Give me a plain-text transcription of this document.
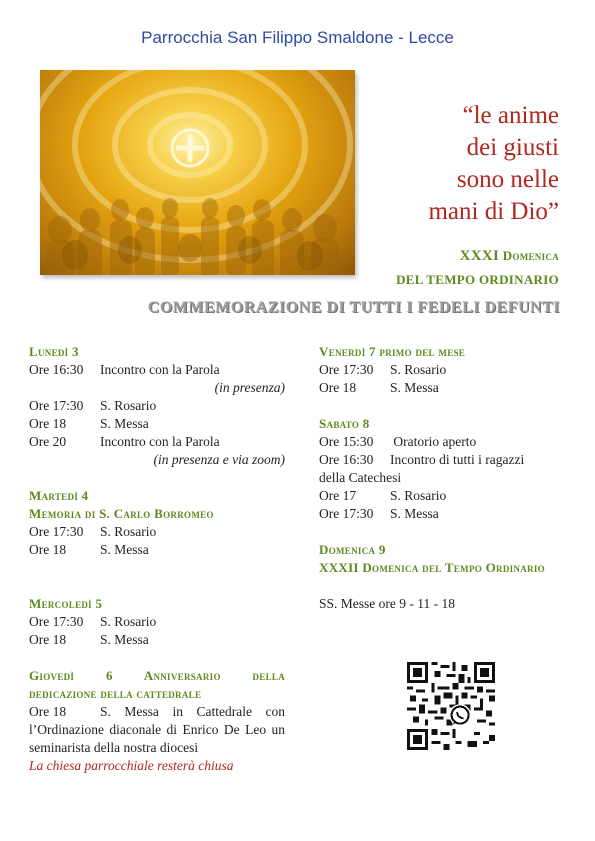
Parrocchia San Filippo Smaldone - Lecce
“le anime
dei giusti
sono nelle
mani di Dio”
XXXI Domenica
DEL TEMPO ORDINARIO
COMMEMORAZIONE DI TUTTI I FEDELI DEFUNTI
Lunedì 3
Ore 16:30 Incontro con la Parola
(in presenza)
Ore 17:30 S. Rosario
Ore 18	S. Messa
Ore 20	Incontro con la Parola
(in presenza e via zoom)
Martedì 4
Memoria di S. Carlo Borromeo
Ore 17:30 S. Rosario
Ore 18	S. Messa
Mercoledì 5
Ore 17:30 S. Rosario
Ore 18	S. Messa
Giovedì 6 Anniversario della
dedicazione della cattedrale
Ore 18	S. Messa in Cattedrale con l’Ordinazione diaconale di Enrico De Leo un seminarista della nostra diocesi
La chiesa parrocchiale resterà chiusa
Venerdì 7 primo del mese
Ore 17:30 S. Rosario
Ore 18	S. Messa
Sabato 8
Ore 15:30 Oratorio aperto
Ore 16:30 Incontro di tutti i ragazzi
della Catechesi
Ore 17	S. Rosario
Ore 17:30 S. Messa
Domenica 9
XXXII Domenica del Tempo Ordinario
SS. Messe ore 9 - 11 - 18
